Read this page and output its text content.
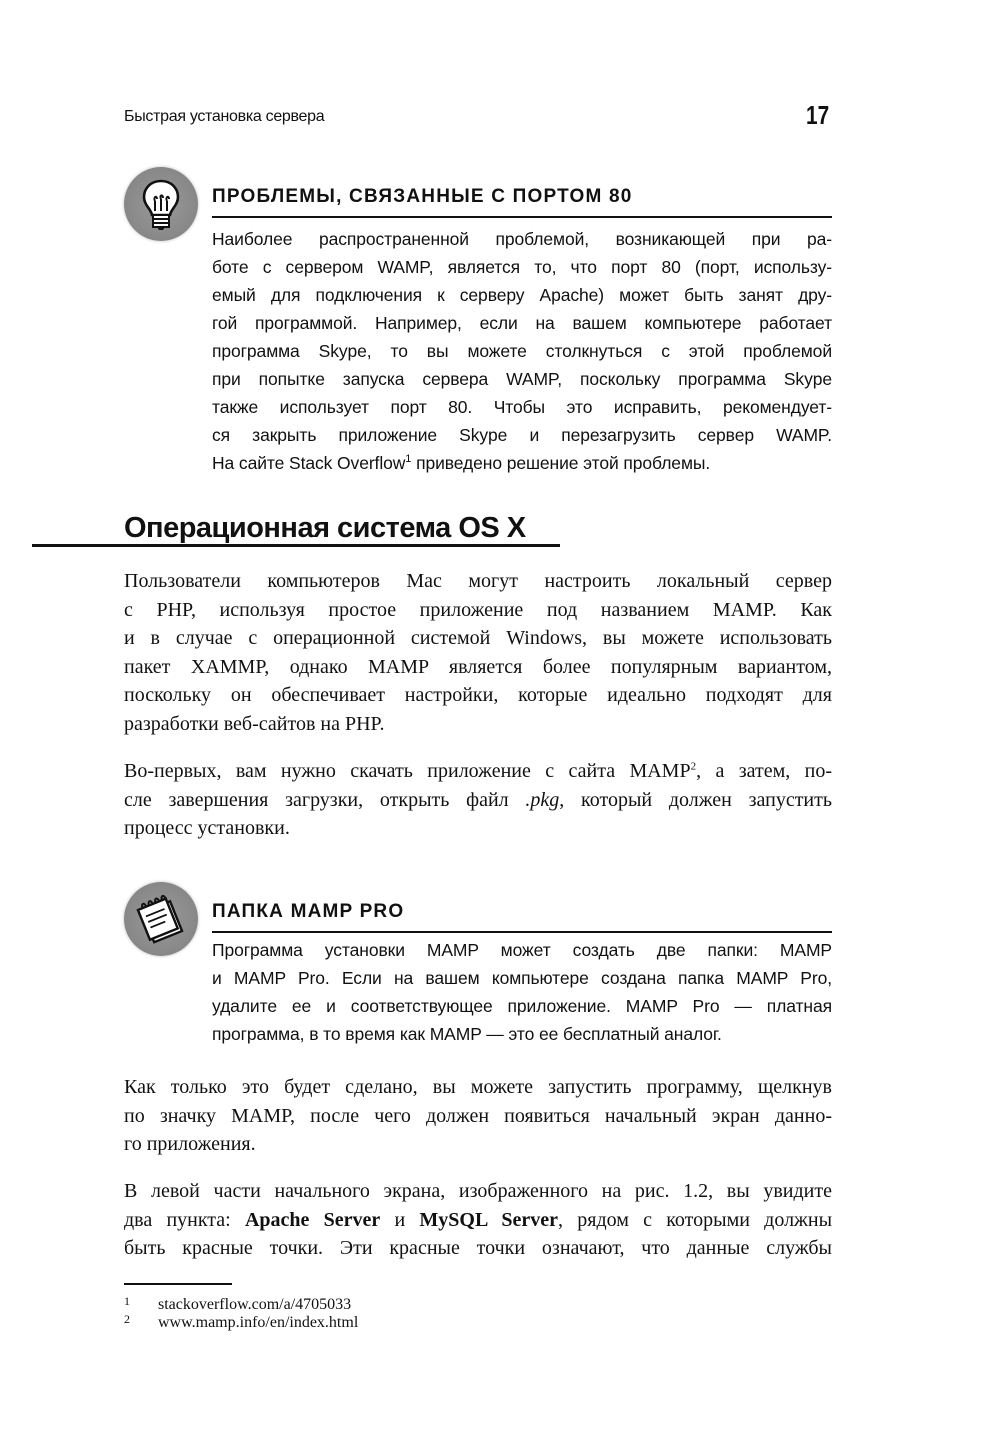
Быстрая установка сервера	17
ПРОБЛЕМЫ, СВЯЗАННЫЕ С ПОРТОМ 80
Наиболее распространенной проблемой, возникающей при ра-
боте с сервером WAMP, является то, что порт 80 (порт, использу-
емый для подключения к серверу Apache) может быть занят дру-
гой программой. Например, если на вашем компьютере работает
программа Skype, то вы можете столкнуться с этой проблемой
при попытке запуска сервера WAMP, поскольку программа Skype
также использует порт 80. Чтобы это исправить, рекомендует-
ся закрыть приложение Skype и перезагрузить сервер WAMP.
На сайте Stack Overflow$^1$ приведено решение этой проблемы.
Операционная система OS X
Пользователи компьютеров Mac могут настроить локальный сервер
с PHP, используя простое приложение под названием MAMP. Как
и в случае с операционной системой Windows, вы можете использовать
пакет XAMMP, однако MAMP является более популярным вариантом,
поскольку он обеспечивает настройки, которые идеально подходят для
разработки веб-сайтов на PHP.
Во-первых, вам нужно скачать приложение с сайта MAMP$^2$, а затем, по-
сле завершения загрузки, открыть файл .pkg, который должен запустить
процесс установки.
ПАПКА MAMP PRO
Программа установки MAMP может создать две папки: MAMP
и MAMP Pro. Если на вашем компьютере создана папка MAMP Pro,
удалите ее и соответствующее приложение. MAMP Pro — платная
программа, в то время как MAMP — это ее бесплатный аналог.
Как только это будет сделано, вы можете запустить программу, щелкнув
по значку MAMP, после чего должен появиться начальный экран данно-
го приложения.
В левой части начального экрана, изображенного на рис. 1.2, вы увидите
два пункта: Apache Server и MySQL Server, рядом с которыми должны
быть красные точки. Эти красные точки означают, что данные службы
1 stackoverflow.com/a/4705033
2 www.mamp.info/en/index.html
